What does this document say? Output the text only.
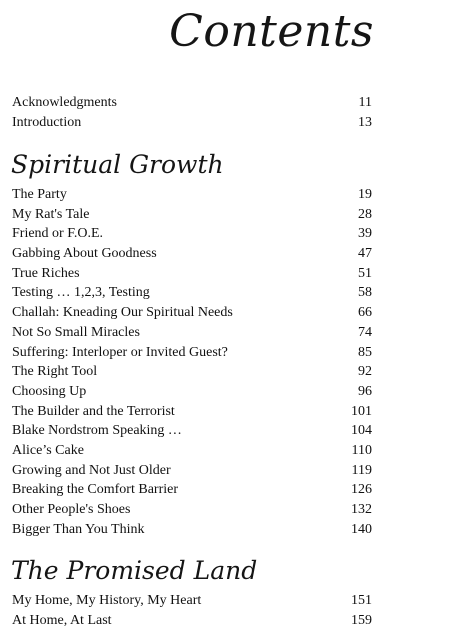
Contents
Acknowledgments	11
Introduction	13
Spiritual Growth
The Party	19
My Rat's Tale	28
Friend or F.O.E.	39
Gabbing About Goodness	47
True Riches	51
Testing … 1,2,3, Testing	58
Challah: Kneading Our Spiritual Needs	66
Not So Small Miracles	74
Suffering: Interloper or Invited Guest?	85
The Right Tool	92
Choosing Up	96
The Builder and the Terrorist	101
Blake Nordstrom Speaking …	104
Alice’s Cake	110
Growing and Not Just Older	119
Breaking the Comfort Barrier	126
Other People's Shoes	132
Bigger Than You Think	140
The Promised Land
My Home, My History, My Heart	151
At Home, At Last	159
